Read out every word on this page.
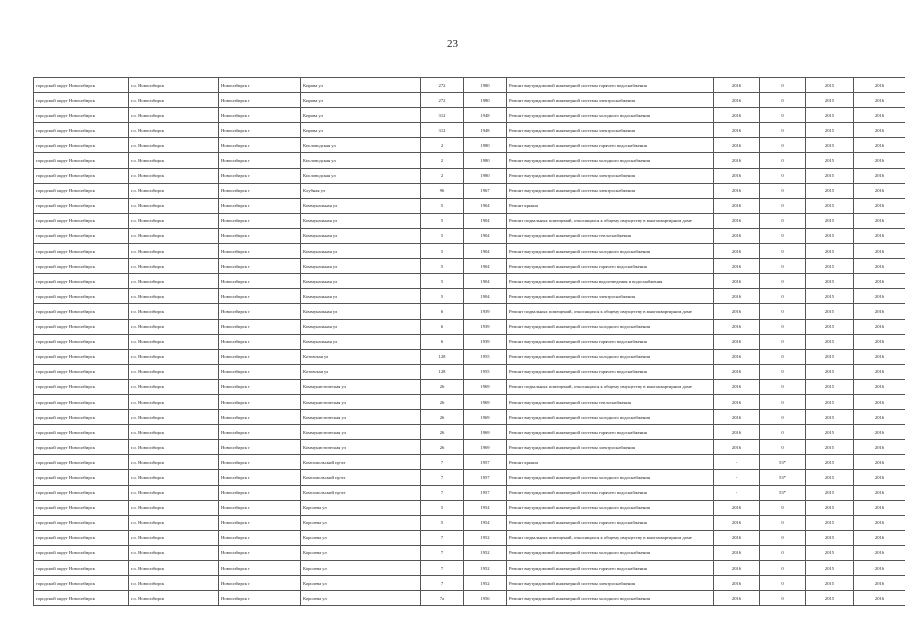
23
городской округ Новосибирск	г.о. Новосибирск	Новосибирск г	Кирова ул	272	1980	Ремонт внутридомовой инженерной системы горячего водоснабжения	2016	0	2015	2016
городской округ Новосибирск	г.о. Новосибирск	Новосибирск г	Кирова ул	272	1980	Ремонт внутридомовой инженерной системы электроснабжения	2016	0	2015	2016
городской округ Новосибирск	г.о. Новосибирск	Новосибирск г	Кирова ул	312	1948	Ремонт внутридомовой инженерной системы холодного водоснабжения	2016	0	2015	2016
городской округ Новосибирск	г.о. Новосибирск	Новосибирск г	Кирова ул	312	1948	Ремонт внутридомовой инженерной системы электроснабжения	2016	0	2015	2016
городской округ Новосибирск	г.о. Новосибирск	Новосибирск г	Кисловодская ул	2	1980	Ремонт внутридомовой инженерной системы горячего водоснабжения	2016	0	2015	2016
городской округ Новосибирск	г.о. Новосибирск	Новосибирск г	Кисловодская ул	2	1980	Ремонт внутридомовой инженерной системы холодного водоснабжения	2016	0	2015	2016
городской округ Новосибирск	г.о. Новосибирск	Новосибирск г	Кисловодская ул	2	1980	Ремонт внутридомовой инженерной системы электроснабжения	2016	0	2015	2016
городской округ Новосибирск	г.о. Новосибирск	Новосибирск г	Клубная ул	96	1967	Ремонт внутридомовой инженерной системы электроснабжения	2016	0	2015	2016
городской округ Новосибирск	г.о. Новосибирск	Новосибирск г	Коммунальная ул	5	1904	Ремонт крыши	2016	0	2015	2016
городской округ Новосибирск	г.о. Новосибирск	Новосибирск г	Коммунальная ул	5	1904	Ремонт подвальных помещений, относящихся к общему имуществу в многоквартирном доме	2016	0	2015	2016
городской округ Новосибирск	г.о. Новосибирск	Новосибирск г	Коммунальная ул	5	1904	Ремонт внутридомовой инженерной системы теплоснабжения	2016	0	2015	2016
городской округ Новосибирск	г.о. Новосибирск	Новосибирск г	Коммунальная ул	5	1904	Ремонт внутридомовой инженерной системы холодного водоснабжения	2016	0	2015	2016
городской округ Новосибирск	г.о. Новосибирск	Новосибирск г	Коммунальная ул	5	1904	Ремонт внутридомовой инженерной системы горячего водоснабжения	2016	0	2015	2016
городской округ Новосибирск	г.о. Новосибирск	Новосибирск г	Коммунальная ул	5	1904	Ремонт внутридомовой инженерной системы водоотведения и водоснабжения	2016	0	2015	2016
городской округ Новосибирск	г.о. Новосибирск	Новосибирск г	Коммунальная ул	5	1904	Ремонт внутридомовой инженерной системы электроснабжения	2016	0	2015	2016
городской округ Новосибирск	г.о. Новосибирск	Новосибирск г	Коммунальная ул	6	1939	Ремонт подвальных помещений, относящихся к общему имуществу в многоквартирном доме	2016	0	2015	2016
городской округ Новосибирск	г.о. Новосибирск	Новосибирск г	Коммунальная ул	6	1939	Ремонт внутридомовой инженерной системы холодного водоснабжения	2016	0	2015	2016
городской округ Новосибирск	г.о. Новосибирск	Новосибирск г	Коммунальная ул	6	1939	Ремонт внутридомовой инженерной системы горячего водоснабжения	2016	0	2015	2016
городской округ Новосибирск	г.о. Новосибирск	Новосибирск г	Котовская ул	128	1955	Ремонт внутридомовой инженерной системы холодного водоснабжения	2016	0	2015	2016
городской округ Новосибирск	г.о. Новосибирск	Новосибирск г	Котовская ул	128	1955	Ремонт внутридомовой инженерной системы горячего водоснабжения	2016	0	2015	2016
городской округ Новосибирск	г.о. Новосибирск	Новосибирск г	Коммунистическая ул	26	1969	Ремонт подвальных помещений, относящихся к общему имуществу в многоквартирном доме	2016	0	2015	2016
городской округ Новосибирск	г.о. Новосибирск	Новосибирск г	Коммунистическая ул	26	1969	Ремонт внутридомовой инженерной системы теплоснабжения	2016	0	2015	2016
городской округ Новосибирск	г.о. Новосибирск	Новосибирск г	Коммунистическая ул	26	1969	Ремонт внутридомовой инженерной системы холодного водоснабжения	2016	0	2015	2016
городской округ Новосибирск	г.о. Новосибирск	Новосибирск г	Коммунистическая ул	26	1969	Ремонт внутридомовой инженерной системы горячего водоснабжения	2016	0	2015	2016
городской округ Новосибирск	г.о. Новосибирск	Новосибирск г	Коммунистическая ул	26	1969	Ремонт внутридомовой инженерной системы электроснабжения	2016	0	2015	2016
городской округ Новосибирск	г.о. Новосибирск	Новосибирск г	Комсомольский пр-кт	7	1957	Ремонт крыши	-	53*	2015	2016
городской округ Новосибирск	г.о. Новосибирск	Новосибирск г	Комсомольский пр-кт	7	1957	Ремонт внутридомовой инженерной системы холодного водоснабжения	-	53*	2015	2016
городской округ Новосибирск	г.о. Новосибирск	Новосибирск г	Комсомольский пр-кт	7	1957	Ремонт внутридомовой инженерной системы горячего водоснабжения	-	53*	2015	2016
городской округ Новосибирск	г.о. Новосибирск	Новосибирск г	Королева ул	5	1954	Ремонт внутридомовой инженерной системы холодного водоснабжения	2016	0	2015	2016
городской округ Новосибирск	г.о. Новосибирск	Новосибирск г	Королева ул	5	1954	Ремонт внутридомовой инженерной системы горячего водоснабжения	2016	0	2015	2016
городской округ Новосибирск	г.о. Новосибирск	Новосибирск г	Королева ул	7	1952	Ремонт подвальных помещений, относящихся к общему имуществу в многоквартирном доме	2016	0	2015	2016
городской округ Новосибирск	г.о. Новосибирск	Новосибирск г	Королева ул	7	1952	Ремонт внутридомовой инженерной системы холодного водоснабжения	2016	0	2015	2016
городской округ Новосибирск	г.о. Новосибирск	Новосибирск г	Королева ул	7	1952	Ремонт внутридомовой инженерной системы горячего водоснабжения	2016	0	2015	2016
городской округ Новосибирск	г.о. Новосибирск	Новосибирск г	Королева ул	7	1952	Ремонт внутридомовой инженерной системы электроснабжения	2016	0	2015	2016
городской округ Новосибирск	г.о. Новосибирск	Новосибирск г	Королева ул	7а	1956	Ремонт внутридомовой инженерной системы холодного водоснабжения	2016	0	2015	2016
